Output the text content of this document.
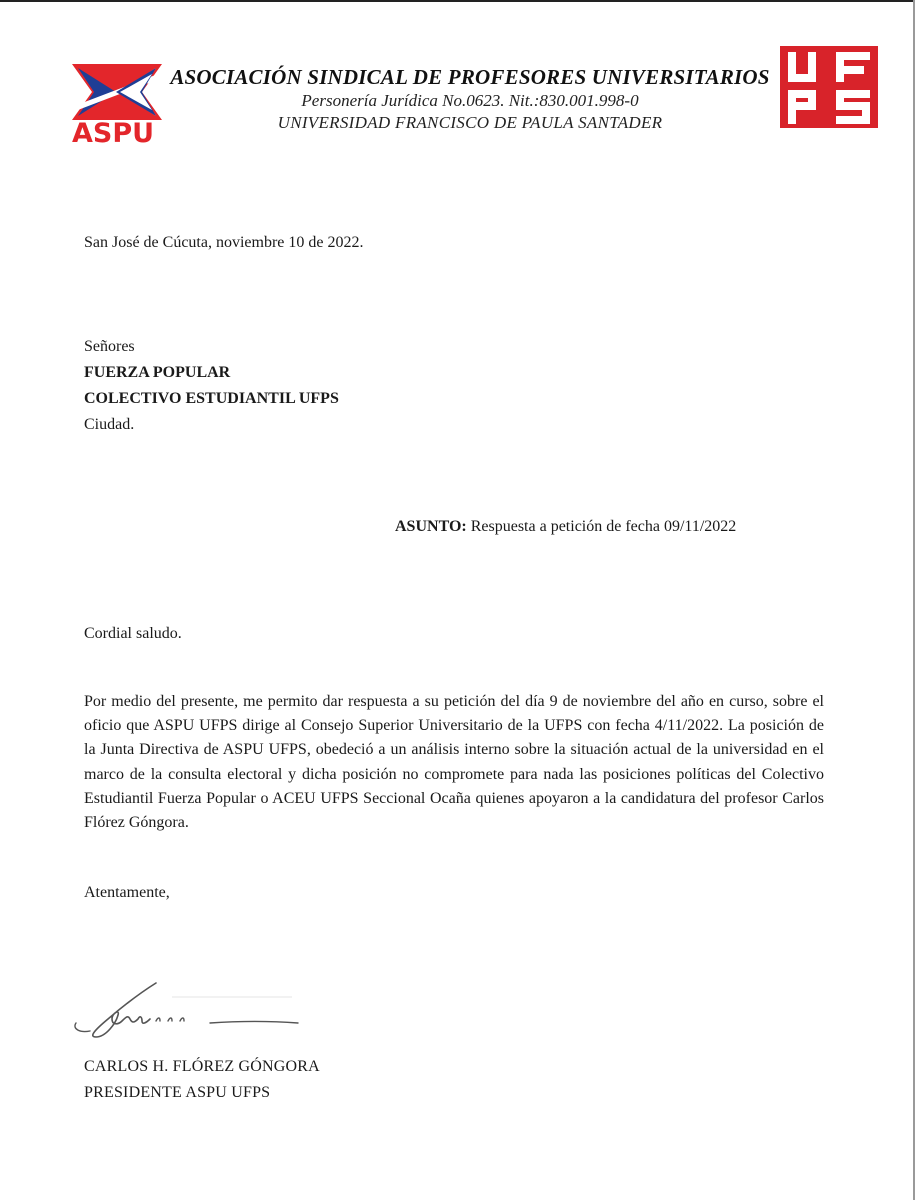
ASPU
ASOCIACIÓN SINDICAL DE PROFESORES UNIVERSITARIOS
Personería Jurídica No.0623. Nit.:830.001.998-0
UNIVERSIDAD FRANCISCO DE PAULA SANTADER
San José de Cúcuta, noviembre 10 de 2022.
Señores
FUERZA POPULAR
COLECTIVO ESTUDIANTIL UFPS
Ciudad.
ASUNTO: Respuesta a petición de fecha 09/11/2022
Cordial saludo.
Por medio del presente, me permito dar respuesta a su petición del día 9 de noviembre del año en curso, sobre el oficio que ASPU UFPS dirige al Consejo Superior Universitario de la UFPS con fecha 4/11/2022. La posición de la Junta Directiva de ASPU UFPS, obedeció a un análisis interno sobre la situación actual de la universidad en el marco de la consulta electoral y dicha posición no compromete para nada las posiciones políticas del Colectivo Estudiantil Fuerza Popular o ACEU UFPS Seccional Ocaña quienes apoyaron a la candidatura del profesor Carlos Flórez Góngora.
Atentamente,
CARLOS H. FLÓREZ GÓNGORA
PRESIDENTE ASPU UFPS
